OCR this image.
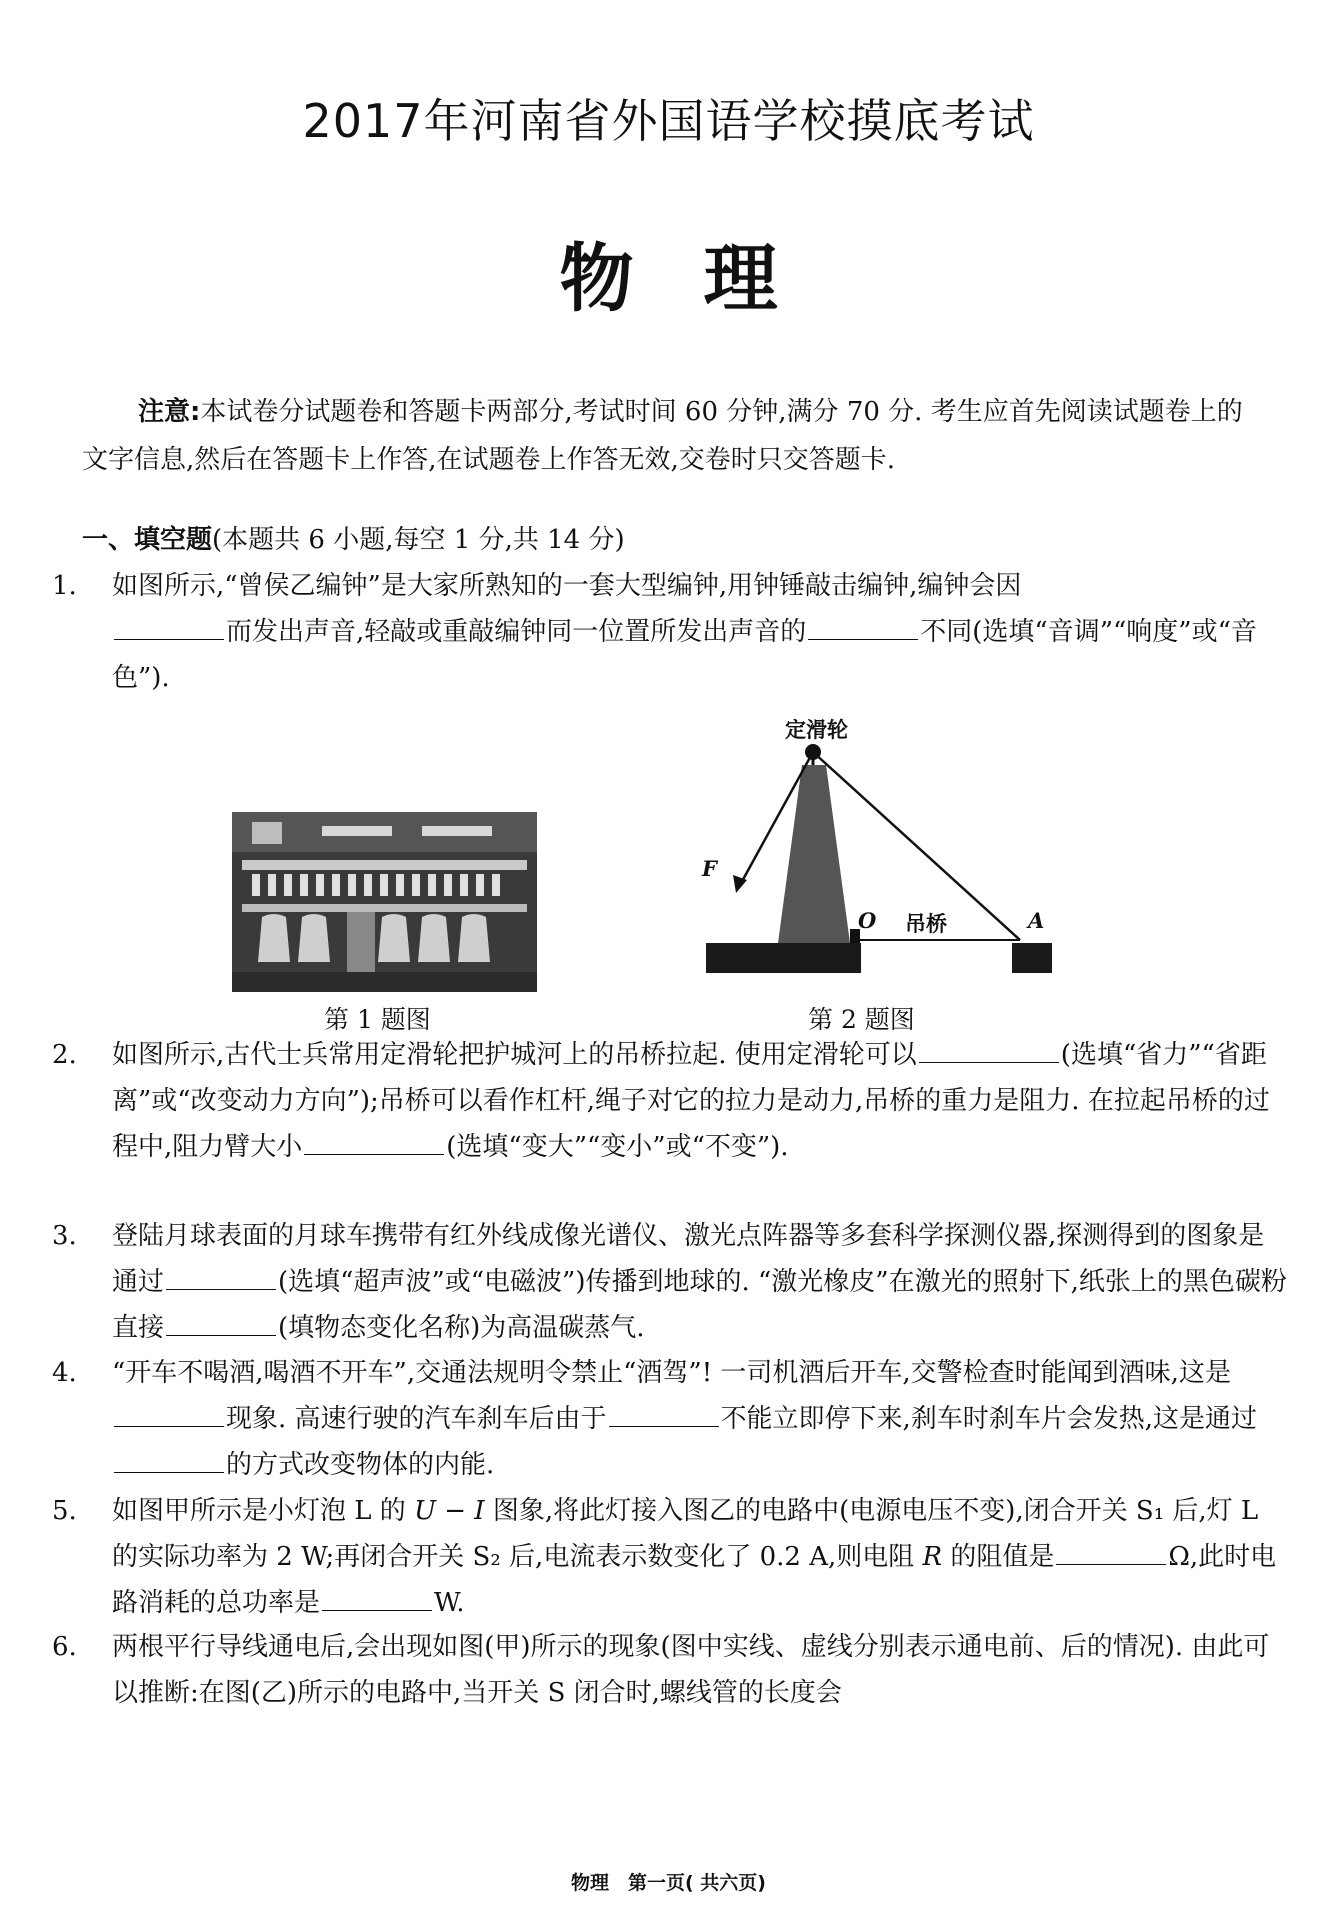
2017年河南省外国语学校摸底考试
物理
注意:本试卷分试题卷和答题卡两部分,考试时间 60 分钟,满分 70 分. 考生应首先阅读试题卷上的文字信息,然后在答题卡上作答,在试题卷上作答无效,交卷时只交答题卡.
一、填空题(本题共 6 小题,每空 1 分,共 14 分)
1. 如图所示,“曾侯乙编钟”是大家所熟知的一套大型编钟,用钟锤敲击编钟,编钟会因
而发出声音,轻敲或重敲编钟同一位置所发出声音的	不同(选填“音调”“响度”或“音色”).
第 1 题图
定滑轮
F
O 吊桥	A
第 2 题图
2. 如图所示,古代士兵常用定滑轮把护城河上的吊桥拉起. 使用定滑轮可以	(选填“省力”“省距离”或“改变动力方向”);吊桥可以看作杠杆,绳子对它的拉力是动力,吊桥的重力是阻力. 在拉起吊桥的过程中,阻力臂大小	(选填“变大”“变小”或“不变”).
3. 登陆月球表面的月球车携带有红外线成像光谱仪、激光点阵器等多套科学探测仪器,探测得到的图象是通过	(选填“超声波”或“电磁波”)传播到地球的. “激光橡皮”在激光的照射下,纸张上的黑色碳粉直接	(填物态变化名称)为高温碳蒸气.
4. “开车不喝酒,喝酒不开车”,交通法规明令禁止“酒驾”! 一司机酒后开车,交警检查时能闻到酒味,这是现象. 高速行驶的汽车刹车后由于	不能立即停下来,刹车时刹车片会发热,这是通过的方式改变物体的内能.
5. 如图甲所示是小灯泡 L 的 U − I 图象,将此灯接入图乙的电路中(电源电压不变),闭合开关 S₁ 后,灯 L 的实际功率为 2 W;再闭合开关 S₂ 后,电流表示数变化了 0.2 A,则电阻 R 的阻值是	Ω,此时电路消耗的总功率是	W.
6. 两根平行导线通电后,会出现如图(甲)所示的现象(图中实线、虚线分别表示通电前、后的情况). 由此可以推断:在图(乙)所示的电路中,当开关 S 闭合时,螺线管的长度会
物理　第一页( 共六页)
